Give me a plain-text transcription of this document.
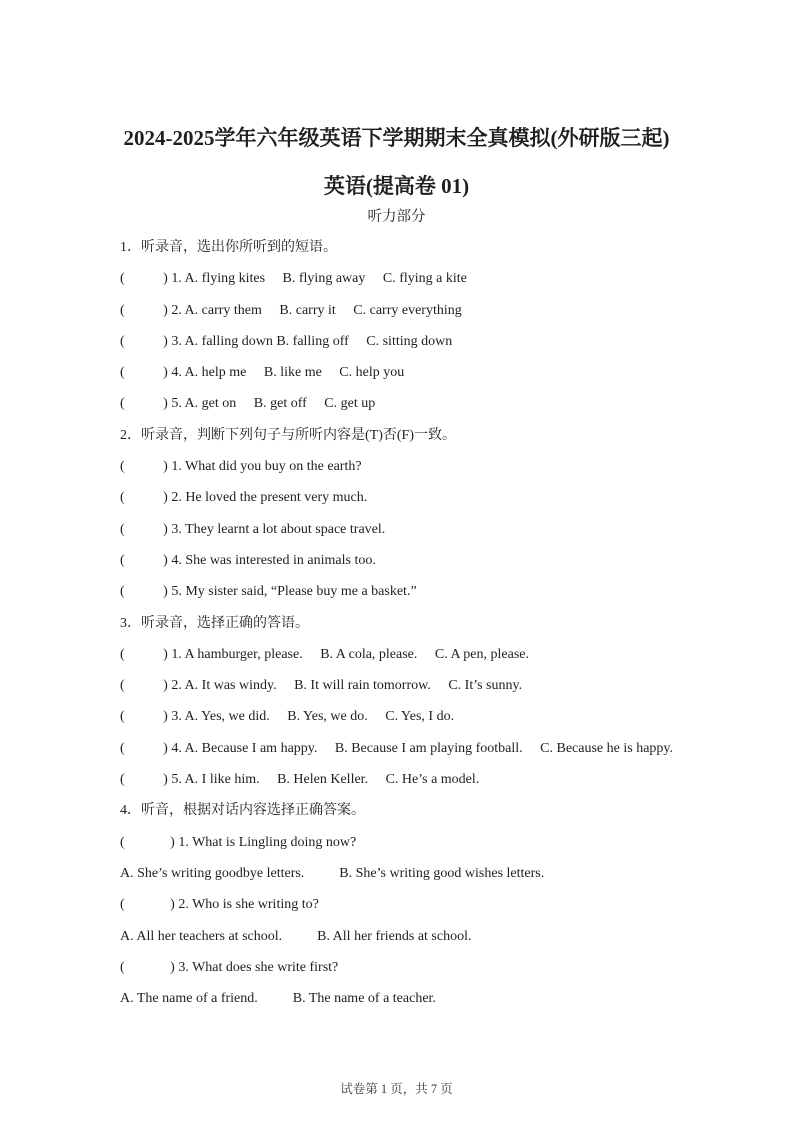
2024-2025学年六年级英语下学期期末全真模拟(外研版三起)
英语(提高卷 01)
听力部分

1．听录音，选出你所听到的短语。

(           ) 1. A. flying kites     B. flying away     C. flying a kite

(           ) 2. A. carry them     B. carry it     C. carry everything

(           ) 3. A. falling down B. falling off     C. sitting down

(           ) 4. A. help me     B. like me     C. help you

(           ) 5. A. get on     B. get off     C. get up

2．听录音，判断下列句子与所听内容是(T)否(F)一致。

(           ) 1. What did you buy on the earth?

(           ) 2. He loved the present very much.

(           ) 3. They learnt a lot about space travel.

(           ) 4. She was interested in animals too.

(           ) 5. My sister said, “Please buy me a basket.”

3．听录音，选择正确的答语。

(           ) 1. A hamburger, please.     B. A cola, please.     C. A pen, please.

(           ) 2. A. It was windy.     B. It will rain tomorrow.     C. It’s sunny.

(           ) 3. A. Yes, we did.     B. Yes, we do.     C. Yes, I do.

(           ) 4. A. Because I am happy.     B. Because I am playing football.     C. Because he is happy.

(           ) 5. A. I like him.     B. Helen Keller.     C. He’s a model.

4．听音，根据对话内容选择正确答案。

(             ) 1. What is Lingling doing now?

A. She’s writing goodbye letters.          B. She’s writing good wishes letters.

(             ) 2. Who is she writing to?

A. All her teachers at school.          B. All her friends at school.

(             ) 3. What does she write first?

A. The name of a friend.          B. The name of a teacher.

试卷第 1 页，共 7 页
